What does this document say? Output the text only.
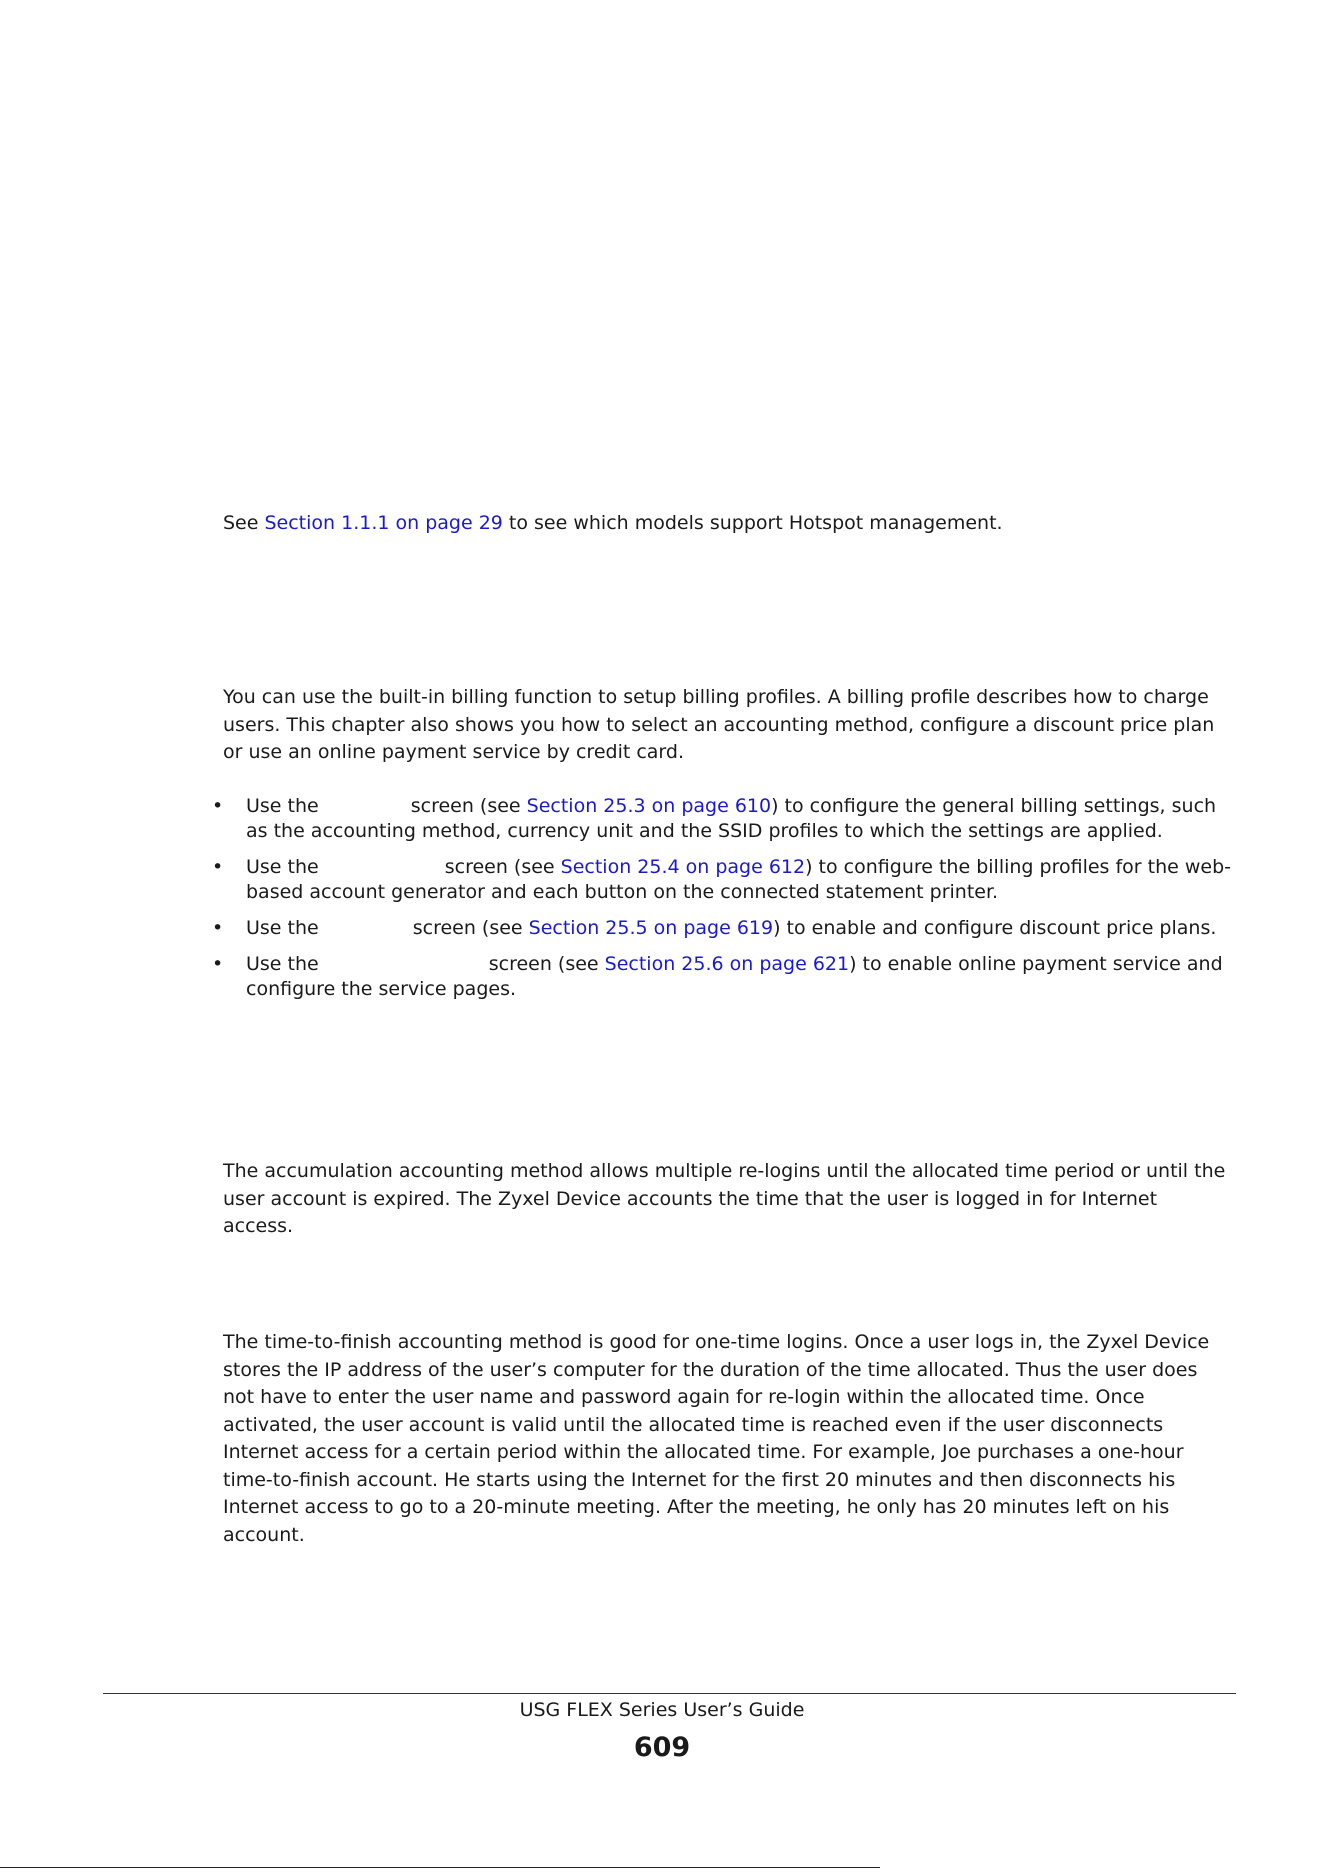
See Section 1.1.1 on page 29 to see which models support Hotspot management.

You can use the built-in billing function to setup billing profiles. A billing profile describes how to charge users. This chapter also shows you how to select an accounting method, configure a discount price plan or use an online payment service by credit card.

• Use the	screen (see Section 25.3 on page 610) to configure the general billing settings, such as the accounting method, currency unit and the SSID profiles to which the settings are applied.
• Use the	screen (see Section 25.4 on page 612) to configure the billing profiles for the web-based account generator and each button on the connected statement printer.
• Use the	screen (see Section 25.5 on page 619) to enable and configure discount price plans.
• Use the	screen (see Section 25.6 on page 621) to enable online payment service and configure the service pages.

The accumulation accounting method allows multiple re-logins until the allocated time period or until the user account is expired. The Zyxel Device accounts the time that the user is logged in for Internet access.

The time-to-finish accounting method is good for one-time logins. Once a user logs in, the Zyxel Device stores the IP address of the user’s computer for the duration of the time allocated. Thus the user does not have to enter the user name and password again for re-login within the allocated time. Once activated, the user account is valid until the allocated time is reached even if the user disconnects Internet access for a certain period within the allocated time. For example, Joe purchases a one-hour time-to-finish account. He starts using the Internet for the first 20 minutes and then disconnects his Internet access to go to a 20-minute meeting. After the meeting, he only has 20 minutes left on his account.

USG FLEX Series User’s Guide
609
